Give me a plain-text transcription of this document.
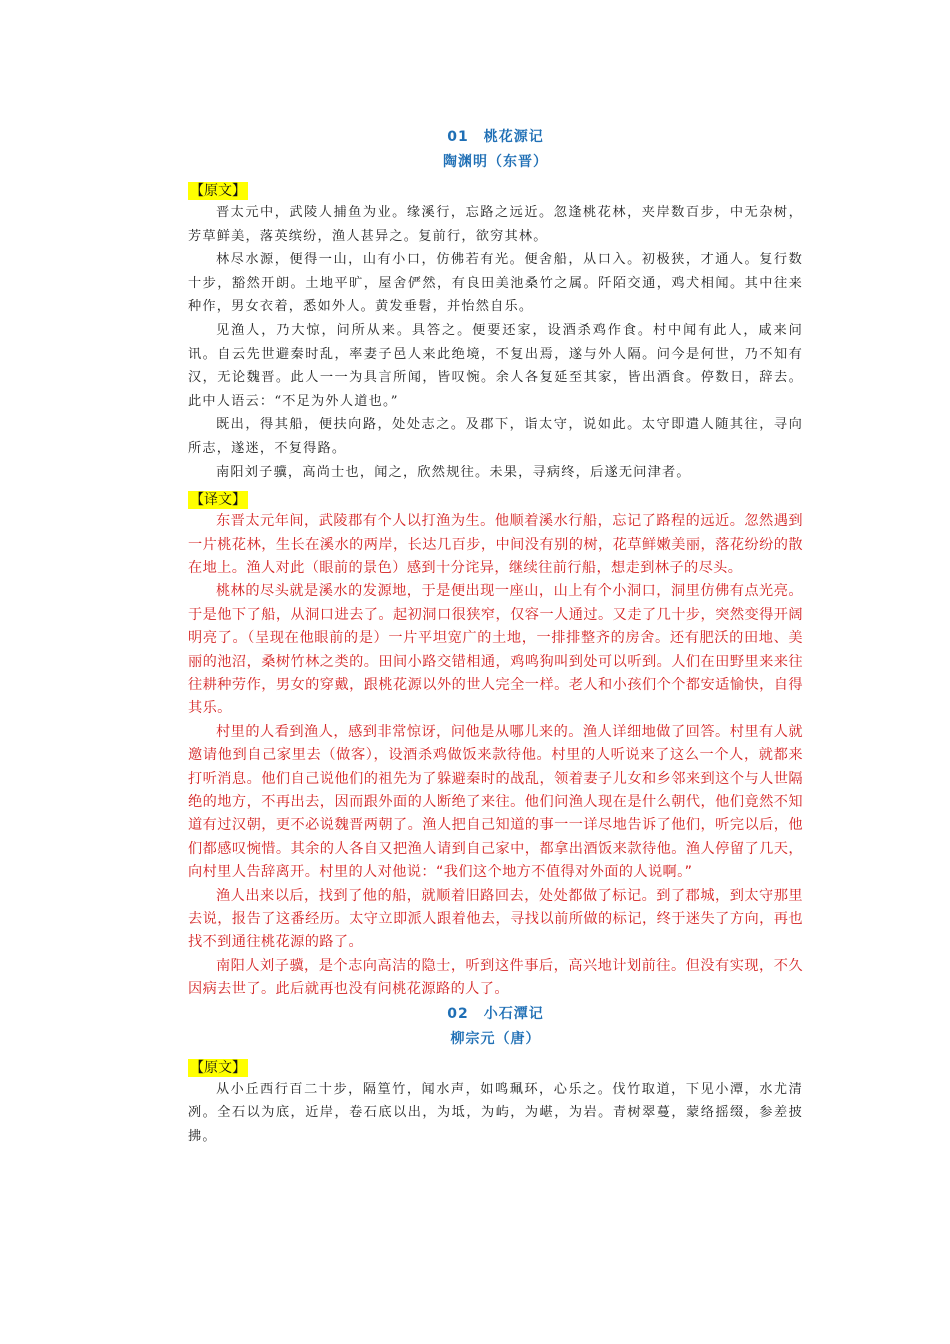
01　桃花源记
陶渊明（东晋）
【原文】

晋太元中，武陵人捕鱼为业。缘溪行，忘路之远近。忽逢桃花林，夹岸数百步，中无杂树，芳草鲜美，落英缤纷，渔人甚异之。复前行，欲穷其林。

林尽水源，便得一山，山有小口，仿佛若有光。便舍船，从口入。初极狭，才通人。复行数十步，豁然开朗。土地平旷，屋舍俨然，有良田美池桑竹之属。阡陌交通，鸡犬相闻。其中往来种作，男女衣着，悉如外人。黄发垂髫，并怡然自乐。

见渔人，乃大惊，问所从来。具答之。便要还家，设酒杀鸡作食。村中闻有此人，咸来问讯。自云先世避秦时乱，率妻子邑人来此绝境，不复出焉，遂与外人隔。问今是何世，乃不知有汉，无论魏晋。此人一一为具言所闻，皆叹惋。余人各复延至其家，皆出酒食。停数日，辞去。此中人语云：“不足为外人道也。”

既出，得其船，便扶向路，处处志之。及郡下，诣太守，说如此。太守即遣人随其往，寻向所志，遂迷，不复得路。

南阳刘子骥，高尚士也，闻之，欣然规往。未果，寻病终，后遂无问津者。

【译文】

东晋太元年间，武陵郡有个人以打渔为生。他顺着溪水行船，忘记了路程的远近。忽然遇到一片桃花林，生长在溪水的两岸，长达几百步，中间没有别的树，花草鲜嫩美丽，落花纷纷的散在地上。渔人对此（眼前的景色）感到十分诧异，继续往前行船，想走到林子的尽头。

桃林的尽头就是溪水的发源地，于是便出现一座山，山上有个小洞口，洞里仿佛有点光亮。于是他下了船，从洞口进去了。起初洞口很狭窄，仅容一人通过。又走了几十步，突然变得开阔明亮了。（呈现在他眼前的是）一片平坦宽广的土地，一排排整齐的房舍。还有肥沃的田地、美丽的池沼，桑树竹林之类的。田间小路交错相通，鸡鸣狗叫到处可以听到。人们在田野里来来往往耕种劳作，男女的穿戴，跟桃花源以外的世人完全一样。老人和小孩们个个都安适愉快，自得其乐。

村里的人看到渔人，感到非常惊讶，问他是从哪儿来的。渔人详细地做了回答。村里有人就邀请他到自己家里去（做客），设酒杀鸡做饭来款待他。村里的人听说来了这么一个人，就都来打听消息。他们自己说他们的祖先为了躲避秦时的战乱，领着妻子儿女和乡邻来到这个与人世隔绝的地方，不再出去，因而跟外面的人断绝了来往。他们问渔人现在是什么朝代，他们竟然不知道有过汉朝，更不必说魏晋两朝了。渔人把自己知道的事一一详尽地告诉了他们，听完以后，他们都感叹惋惜。其余的人各自又把渔人请到自己家中，都拿出酒饭来款待他。渔人停留了几天，向村里人告辞离开。村里的人对他说：“我们这个地方不值得对外面的人说啊。”

渔人出来以后，找到了他的船，就顺着旧路回去，处处都做了标记。到了郡城，到太守那里去说，报告了这番经历。太守立即派人跟着他去，寻找以前所做的标记，终于迷失了方向，再也找不到通往桃花源的路了。

南阳人刘子骥，是个志向高洁的隐士，听到这件事后，高兴地计划前往。但没有实现，不久因病去世了。此后就再也没有问桃花源路的人了。

02　小石潭记
柳宗元（唐）
【原文】

从小丘西行百二十步，隔篁竹，闻水声，如鸣珮环，心乐之。伐竹取道，下见小潭，水尤清冽。全石以为底，近岸，卷石底以出，为坻，为屿，为嵁，为岩。青树翠蔓，蒙络摇缀，参差披拂。
